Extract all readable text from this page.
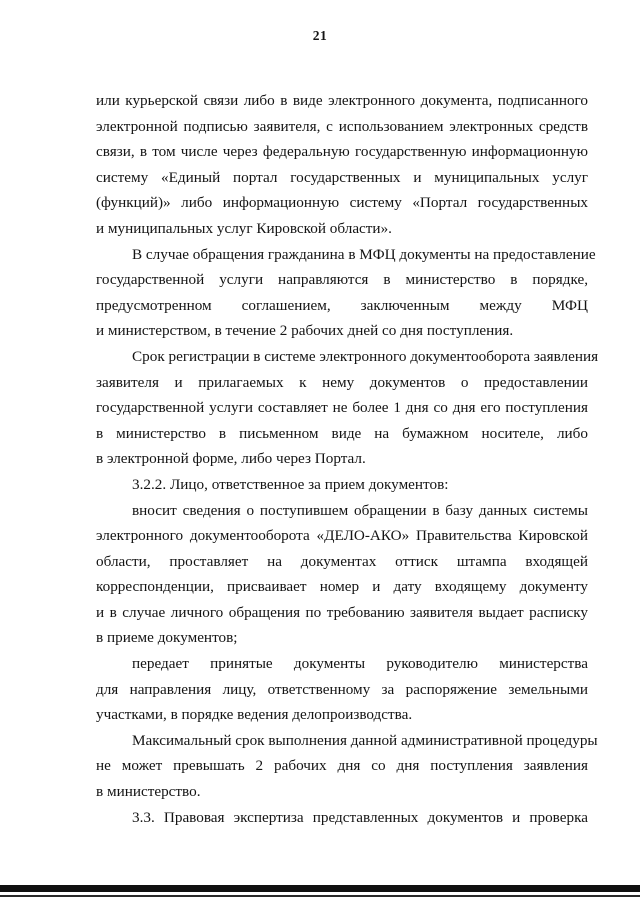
21
или курьерской связи либо в виде электронного документа, подписанного
электронной подписью заявителя, с использованием электронных средств
связи, в том числе через федеральную государственную информационную
систему «Единый портал государственных и муниципальных услуг
(функций)» либо информационную систему «Портал государственных
и муниципальных услуг Кировской области».
В случае обращения гражданина в МФЦ документы на предоставление
государственной услуги направляются в министерство в порядке,
предусмотренном соглашением, заключенным между МФЦ
и министерством, в течение 2 рабочих дней со дня поступления.
Срок регистрации в системе электронного документооборота заявления
заявителя и прилагаемых к нему документов о предоставлении
государственной услуги составляет не более 1 дня со дня его поступления
в министерство в письменном виде на бумажном носителе, либо
в электронной форме, либо через Портал.
3.2.2. Лицо, ответственное за прием документов:
вносит сведения о поступившем обращении в базу данных системы
электронного документооборота «ДЕЛО-АКО» Правительства Кировской
области, проставляет на документах оттиск штампа входящей
корреспонденции, присваивает номер и дату входящему документу
и в случае личного обращения по требованию заявителя выдает расписку
в приеме документов;
передает принятые документы руководителю министерства
для направления лицу, ответственному за распоряжение земельными
участками, в порядке ведения делопроизводства.
Максимальный срок выполнения данной административной процедуры
не может превышать 2 рабочих дня со дня поступления заявления
в министерство.
3.3. Правовая экспертиза представленных документов и проверка
